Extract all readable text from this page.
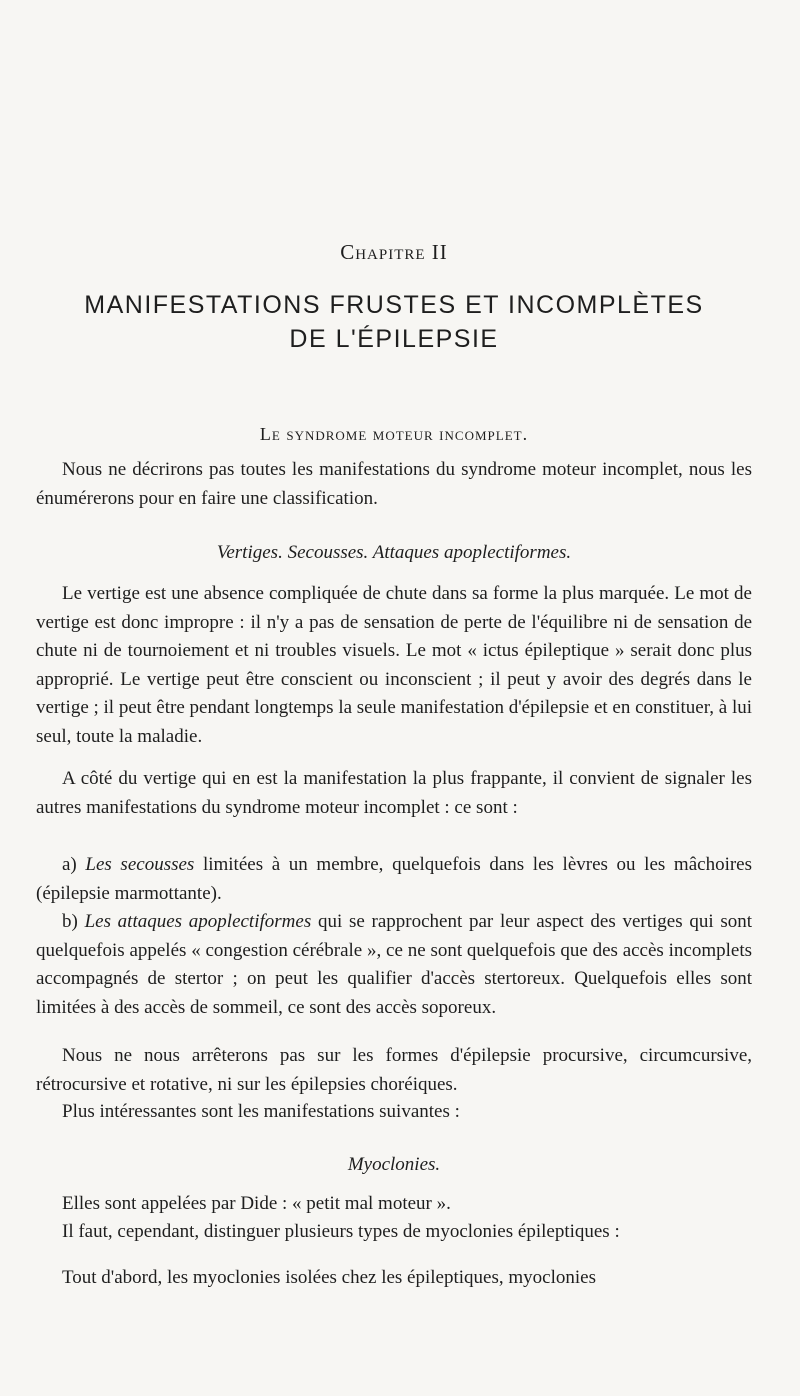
Chapitre II
MANIFESTATIONS FRUSTES ET INCOMPLÈTES
DE L'ÉPILEPSIE
Le syndrome moteur incomplet.

Nous ne décrirons pas toutes les manifestations du syndrome moteur incomplet, nous les énumérerons pour en faire une classification.

Vertiges. Secousses. Attaques apoplectiformes.

Le vertige est une absence compliquée de chute dans sa forme la plus marquée. Le mot de vertige est donc impropre : il n'y a pas de sensation de perte de l'équilibre ni de sensation de chute ni de tournoiement et ni troubles visuels. Le mot « ictus épileptique » serait donc plus approprié. Le vertige peut être conscient ou inconscient ; il peut y avoir des degrés dans le vertige ; il peut être pendant longtemps la seule manifestation d'épilepsie et en constituer, à lui seul, toute la maladie.

A côté du vertige qui en est la manifestation la plus frappante, il convient de signaler les autres manifestations du syndrome moteur incomplet : ce sont :

a) Les secousses limitées à un membre, quelquefois dans les lèvres ou les mâchoires (épilepsie marmottante).

b) Les attaques apoplectiformes qui se rapprochent par leur aspect des vertiges qui sont quelquefois appelés « congestion cérébrale », ce ne sont quelquefois que des accès incomplets accompagnés de stertor ; on peut les qualifier d'accès stertoreux. Quelquefois elles sont limitées à des accès de sommeil, ce sont des accès soporeux.

Nous ne nous arrêterons pas sur les formes d'épilepsie procursive, circumcursive, rétrocursive et rotative, ni sur les épilepsies choréiques.

Plus intéressantes sont les manifestations suivantes :

Myoclonies.

Elles sont appelées par Dide : « petit mal moteur ».

Il faut, cependant, distinguer plusieurs types de myoclonies épileptiques :

Tout d'abord, les myoclonies isolées chez les épileptiques, myoclonies
